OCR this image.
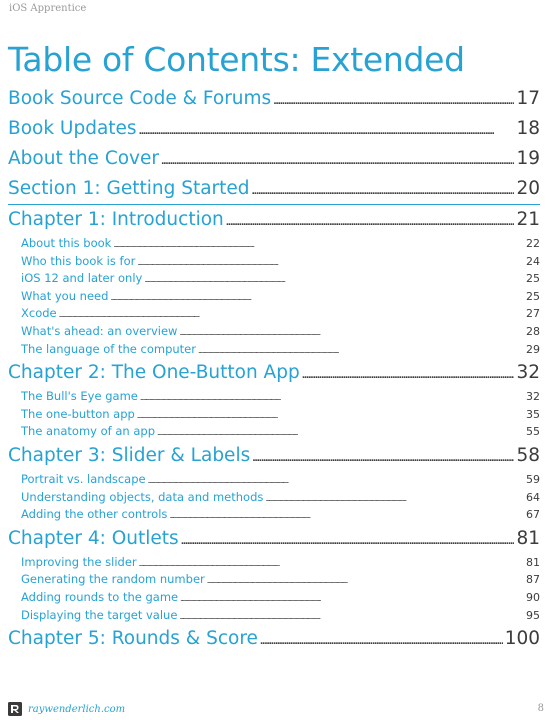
iOS Apprentice
Table of Contents: Extended
Book Source Code & Forums . . .	17
Book Updates . . .	18
About the Cover . . .	19
Section 1: Getting Started . . .	20
Chapter 1: Introduction . . .	21
About this book . . .	22
Who this book is for . . .	24
iOS 12 and later only . . .	25
What you need . . .	25
Xcode . . .	27
What's ahead: an overview . . .	28
The language of the computer . . .	29
Chapter 2: The One-Button App . . .	32
The Bull's Eye game . . .	32
The one-button app . . .	35
The anatomy of an app . . .	55
Chapter 3: Slider & Labels . . .	58
Portrait vs. landscape . . .	59
Understanding objects, data and methods . . .	64
Adding the other controls . . .	67
Chapter 4: Outlets . . .	81
Improving the slider . . .	81
Generating the random number . . .	87
Adding rounds to the game . . .	90
Displaying the target value . . .	95
Chapter 5: Rounds & Score . . .	100
raywenderlich.com	8
